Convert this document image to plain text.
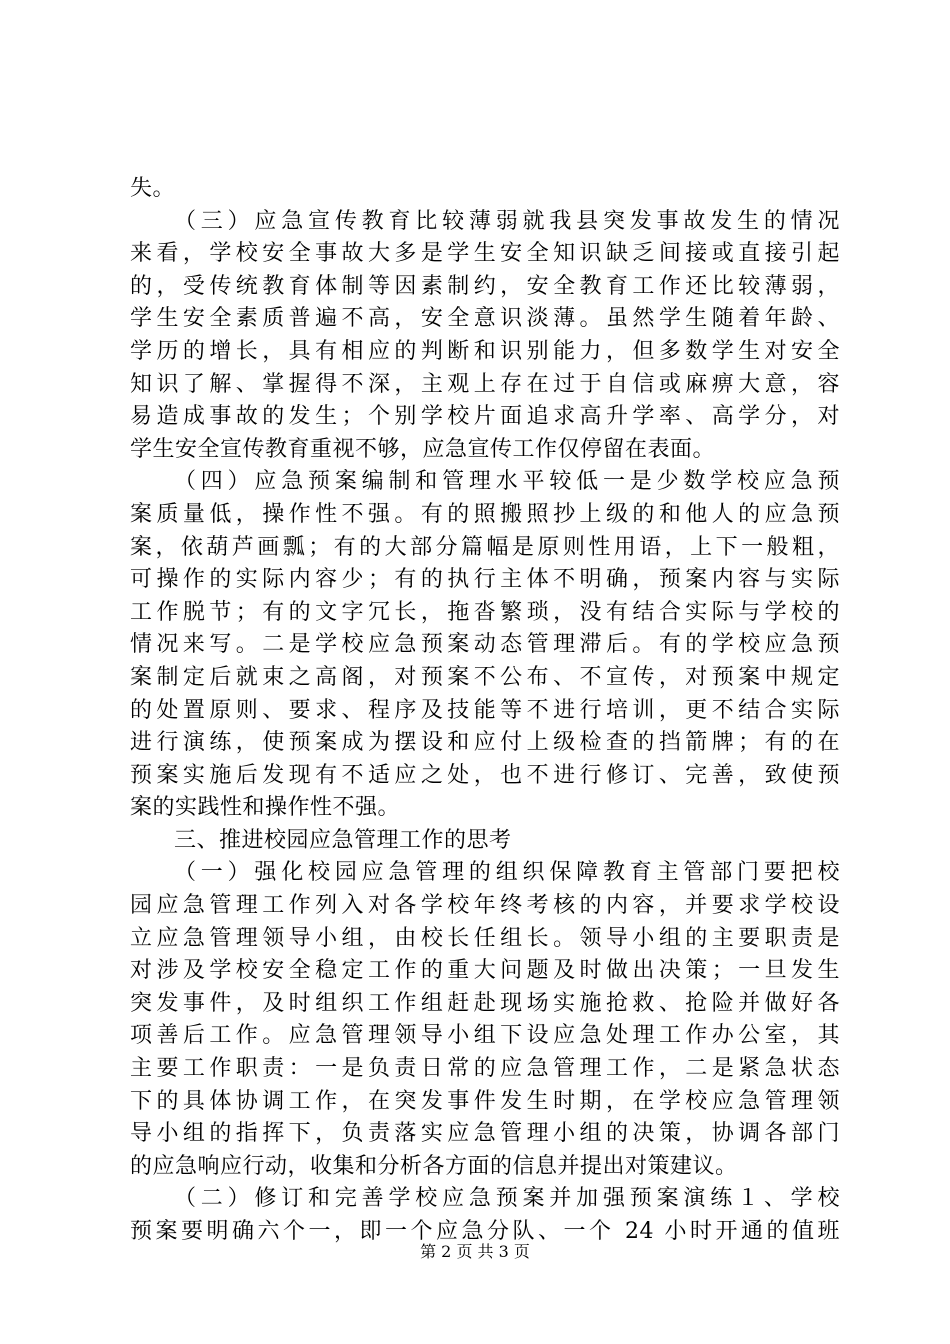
失。
（三）应急宣传教育比较薄弱就我县突发事故发生的情况
来看，学校安全事故大多是学生安全知识缺乏间接或直接引起
的，受传统教育体制等因素制约，安全教育工作还比较薄弱，
学生安全素质普遍不高，安全意识淡薄。虽然学生随着年龄、
学历的增长，具有相应的判断和识别能力，但多数学生对安全
知识了解、掌握得不深，主观上存在过于自信或麻痹大意，容
易造成事故的发生；个别学校片面追求高升学率、高学分，对
学生安全宣传教育重视不够，应急宣传工作仅停留在表面。
（四）应急预案编制和管理水平较低一是少数学校应急预
案质量低，操作性不强。有的照搬照抄上级的和他人的应急预
案，依葫芦画瓢；有的大部分篇幅是原则性用语，上下一般粗，
可操作的实际内容少；有的执行主体不明确，预案内容与实际
工作脱节；有的文字冗长，拖沓繁琐，没有结合实际与学校的
情况来写。二是学校应急预案动态管理滞后。有的学校应急预
案制定后就束之高阁，对预案不公布、不宣传，对预案中规定
的处置原则、要求、程序及技能等不进行培训，更不结合实际
进行演练，使预案成为摆设和应付上级检查的挡箭牌；有的在
预案实施后发现有不适应之处，也不进行修订、完善，致使预
案的实践性和操作性不强。
三、推进校园应急管理工作的思考
（一）强化校园应急管理的组织保障教育主管部门要把校
园应急管理工作列入对各学校年终考核的内容，并要求学校设
立应急管理领导小组，由校长任组长。领导小组的主要职责是
对涉及学校安全稳定工作的重大问题及时做出决策；一旦发生
突发事件，及时组织工作组赶赴现场实施抢救、抢险并做好各
项善后工作。应急管理领导小组下设应急处理工作办公室，其
主要工作职责：一是负责日常的应急管理工作，二是紧急状态
下的具体协调工作，在突发事件发生时期，在学校应急管理领
导小组的指挥下，负责落实应急管理小组的决策，协调各部门
的应急响应行动，收集和分析各方面的信息并提出对策建议。
（二）修订和完善学校应急预案并加强预案演练１、学校
预案要明确六个一，即一个应急分队、一个 24 小时开通的值班
第 2 页 共 3 页
